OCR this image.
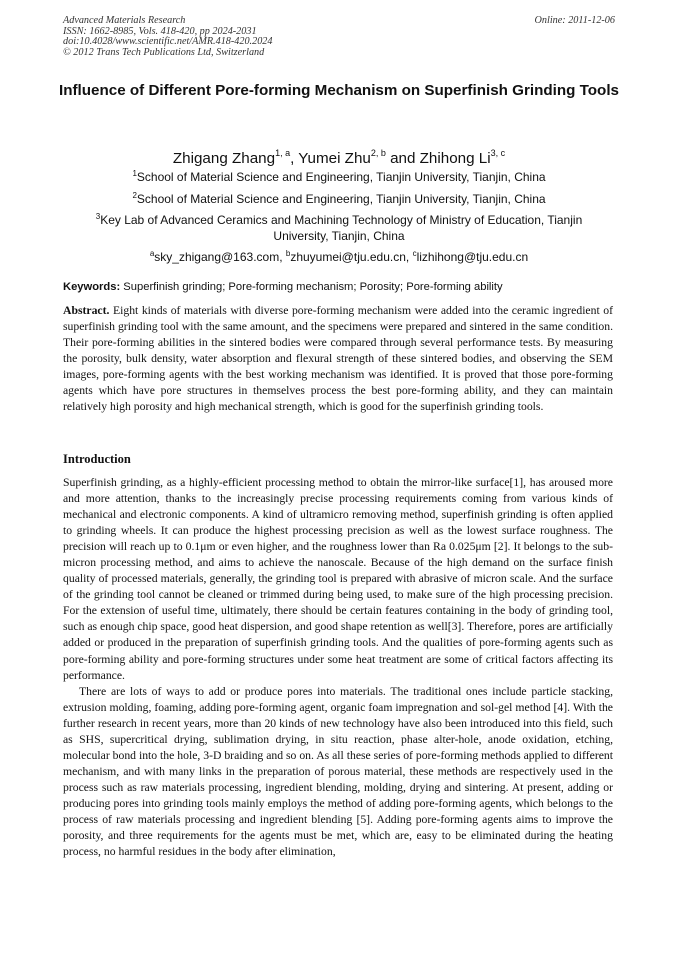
Advanced Materials Research
ISSN: 1662-8985, Vols. 418-420, pp 2024-2031
doi:10.4028/www.scientific.net/AMR.418-420.2024
© 2012 Trans Tech Publications Ltd, Switzerland
Online: 2011-12-06
Influence of Different Pore-forming Mechanism on Superfinish Grinding Tools
Zhigang Zhang$^{1, a}$, Yumei Zhu$^{2, b}$ and Zhihong Li$^{3, c}$
$^1$School of Material Science and Engineering, Tianjin University, Tianjin, China
$^2$School of Material Science and Engineering, Tianjin University, Tianjin, China
$^3$Key Lab of Advanced Ceramics and Machining Technology of Ministry of Education, Tianjin University, Tianjin, China
$^a$sky_zhigang@163.com, $^b$zhuyumei@tju.edu.cn, $^c$lizhihong@tju.edu.cn
Keywords: Superfinish grinding; Pore-forming mechanism; Porosity; Pore-forming ability

Abstract. Eight kinds of materials with diverse pore-forming mechanism were added into the ceramic ingredient of superfinish grinding tool with the same amount, and the specimens were prepared and sintered in the same condition. Their pore-forming abilities in the sintered bodies were compared through several performance tests. By measuring the porosity, bulk density, water absorption and flexural strength of these sintered bodies, and observing the SEM images, pore-forming agents with the best working mechanism was identified. It is proved that those pore-forming agents which have pore structures in themselves process the best pore-forming ability, and they can maintain relatively high porosity and high mechanical strength, which is good for the superfinish grinding tools.

Introduction

Superfinish grinding, as a highly-efficient processing method to obtain the mirror-like surface[1], has aroused more and more attention, thanks to the increasingly precise processing requirements coming from various kinds of mechanical and electronic components. A kind of ultramicro removing method, superfinish grinding is often applied to grinding wheels. It can produce the highest processing precision as well as the lowest surface roughness. The precision will reach up to 0.1μm or even higher, and the roughness lower than Ra 0.025μm [2]. It belongs to the sub-micron processing method, and aims to achieve the nanoscale. Because of the high demand on the surface finish quality of processed materials, generally, the grinding tool is prepared with abrasive of micron scale. And the surface of the grinding tool cannot be cleaned or trimmed during being used, to make sure of the high processing precision. For the extension of useful time, ultimately, there should be certain features containing in the body of grinding tool, such as enough chip space, good heat dispersion, and good shape retention as well[3]. Therefore, pores are artificially added or produced in the preparation of superfinish grinding tools. And the qualities of pore-forming agents such as pore-forming ability and pore-forming structures under some heat treatment are some of critical factors affecting its performance.

There are lots of ways to add or produce pores into materials. The traditional ones include particle stacking, extrusion molding, foaming, adding pore-forming agent, organic foam impregnation and sol-gel method [4]. With the further research in recent years, more than 20 kinds of new technology have also been introduced into this field, such as SHS, supercritical drying, sublimation drying, in situ reaction, phase alter-hole, anode oxidation, etching, molecular bond into the hole, 3-D braiding and so on. As all these series of pore-forming methods applied to different mechanism, and with many links in the preparation of porous material, these methods are respectively used in the process such as raw materials processing, ingredient blending, molding, drying and sintering. At present, adding or producing pores into grinding tools mainly employs the method of adding pore-forming agents, which belongs to the process of raw materials processing and ingredient blending [5]. Adding pore-forming agents aims to improve the porosity, and three requirements for the agents must be met, which are, easy to be eliminated during the heating process, no harmful residues in the body after elimination,
